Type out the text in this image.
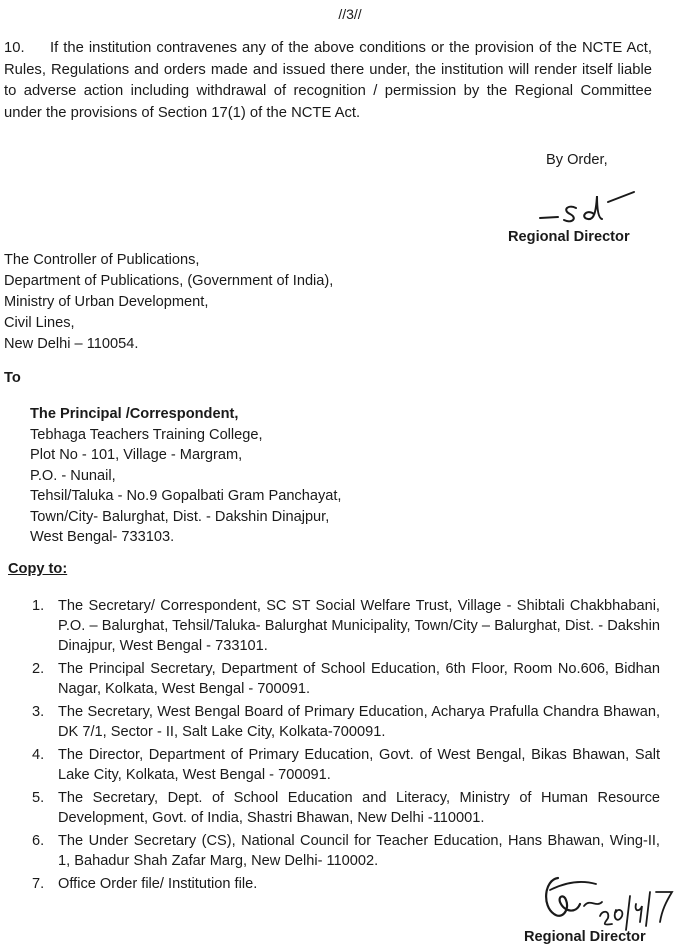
//3//
10. If the institution contravenes any of the above conditions or the provision of the NCTE Act, Rules, Regulations and orders made and issued there under, the institution will render itself liable to adverse action including withdrawal of recognition / permission by the Regional Committee under the provisions of Section 17(1) of the NCTE Act.
By Order,
Regional Director
The Controller of Publications,
Department of Publications, (Government of India),
Ministry of Urban Development,
Civil Lines,
New Delhi – 110054.
To
The Principal /Correspondent,
Tebhaga Teachers Training College,
Plot No - 101, Village - Margram,
P.O. - Nunail,
Tehsil/Taluka - No.9 Gopalbati Gram Panchayat,
Town/City- Balurghat, Dist. - Dakshin Dinajpur,
West Bengal- 733103.
Copy to:
1. The Secretary/ Correspondent, SC ST Social Welfare Trust, Village - Shibtali Chakbhabani, P.O. – Balurghat, Tehsil/Taluka- Balurghat Municipality, Town/City – Balurghat, Dist. - Dakshin Dinajpur, West Bengal - 733101.
2. The Principal Secretary, Department of School Education, 6th Floor, Room No.606, Bidhan Nagar, Kolkata, West Bengal - 700091.
3. The Secretary, West Bengal Board of Primary Education, Acharya Prafulla Chandra Bhawan, DK 7/1, Sector - II, Salt Lake City, Kolkata-700091.
4. The Director, Department of Primary Education, Govt. of West Bengal, Bikas Bhawan, Salt Lake City, Kolkata, West Bengal - 700091.
5. The Secretary, Dept. of School Education and Literacy, Ministry of Human Resource Development, Govt. of India, Shastri Bhawan, New Delhi -110001.
6. The Under Secretary (CS), National Council for Teacher Education, Hans Bhawan, Wing-II, 1, Bahadur Shah Zafar Marg, New Delhi- 110002.
7. Office Order file/ Institution file.
Regional Director
